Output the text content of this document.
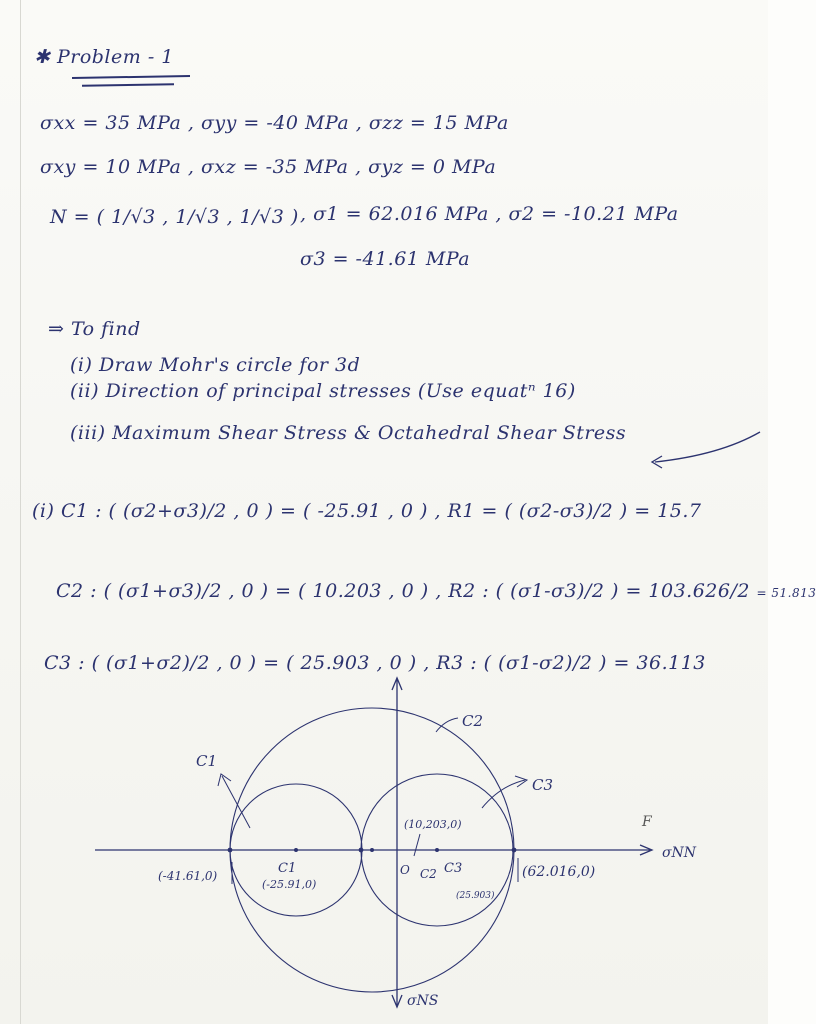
✱ Problem - 1
σxx = 35 MPa , σyy = -40 MPa , σzz = 15 MPa
σxy = 10 MPa , σxz = -35 MPa , σyz = 0 MPa
N = ( 1/√3 , 1/√3 , 1/√3 ) , σ1 = 62.016 MPa , σ2 = -10.21 MPa
σ3 = -41.61 MPa
⇒ To find
(i) Draw Mohr's circle for 3d
(ii) Direction of principal stresses (Use equatⁿ 16)
(iii) Maximum Shear Stress & Octahedral Shear Stress
(i) C1 : ( (σ2+σ3)/2 , 0 ) = ( -25.91 , 0 ) , R1 = ( (σ2-σ3)/2 ) = 15.7
C2 : ( (σ1+σ3)/2 , 0 ) = ( 10.203 , 0 ) , R2 : ( (σ1-σ3)/2 ) = 103.626/2 = 51.813
C3 : ( (σ1+σ2)/2 , 0 ) = ( 25.903 , 0 ) , R3 : ( (σ1-σ2)/2 ) = 36.113
C2
C1
C3
σNN
σNS
(-41.61,0)	C1
(-25.91,0)
O
(10,203,0)
C2 C3
(25.903)
(62.016,0)
F
